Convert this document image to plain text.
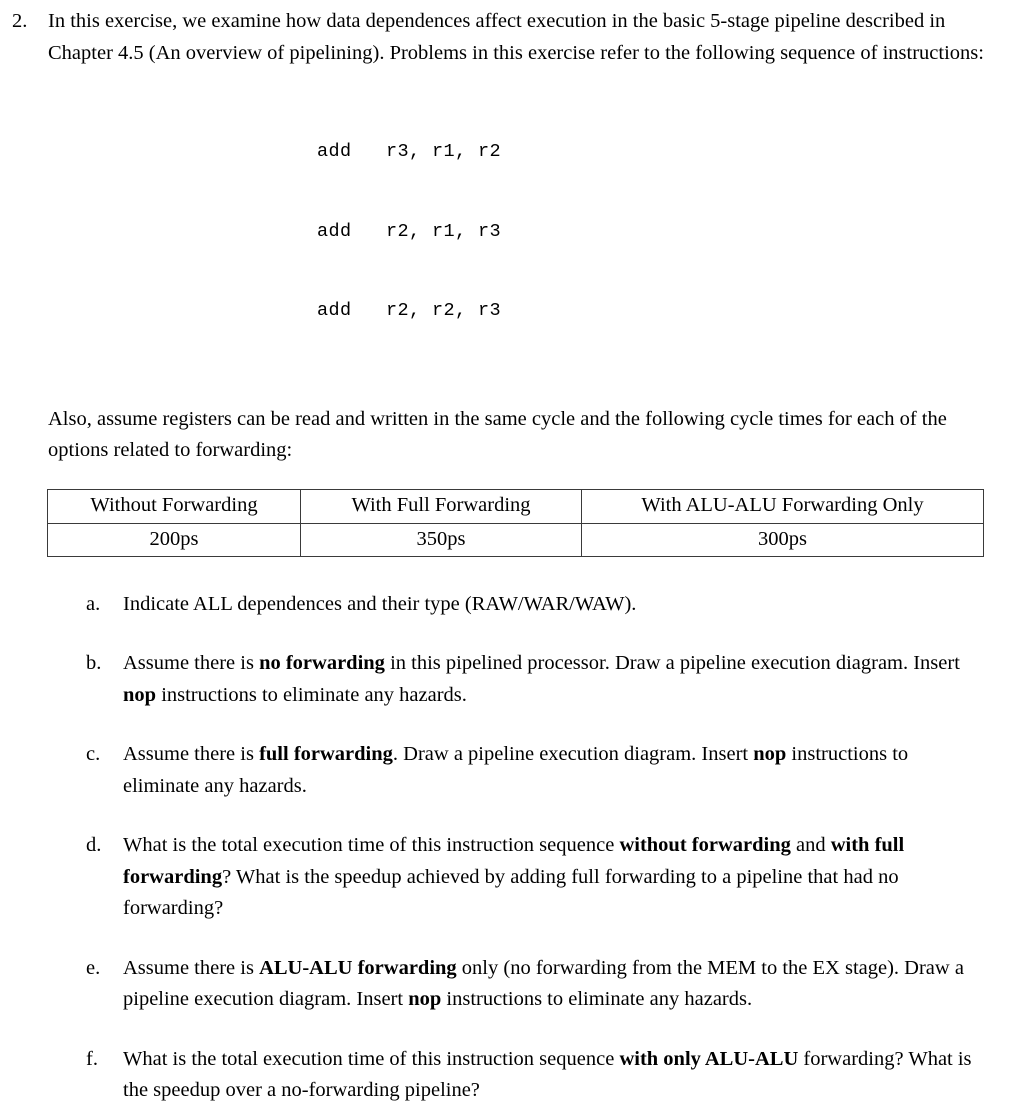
2.	In this exercise, we examine how data dependences affect execution in the basic 5-stage pipeline described in Chapter 4.5 (An overview of pipelining). Problems in this exercise refer to the following sequence of instructions:

add   r3, r1, r2

add   r2, r1, r3

add   r2, r2, r3

Also, assume registers can be read and written in the same cycle and the following cycle times for each of the options related to forwarding:

Without Forwarding	With Full Forwarding	With ALU-ALU Forwarding Only
200ps	350ps	300ps
a.	Indicate ALL dependences and their type (RAW/WAR/WAW).
b.	Assume there is no forwarding in this pipelined processor. Draw a pipeline execution diagram. Insert nop instructions to eliminate any hazards.
c.	Assume there is full forwarding. Draw a pipeline execution diagram. Insert nop instructions to eliminate any hazards.
d.	What is the total execution time of this instruction sequence without forwarding and with full forwarding? What is the speedup achieved by adding full forwarding to a pipeline that had no forwarding?
e.	Assume there is ALU-ALU forwarding only (no forwarding from the MEM to the EX stage). Draw a pipeline execution diagram. Insert nop instructions to eliminate any hazards.
f.	What is the total execution time of this instruction sequence with only ALU-ALU forwarding? What is the speedup over a no-forwarding pipeline?
